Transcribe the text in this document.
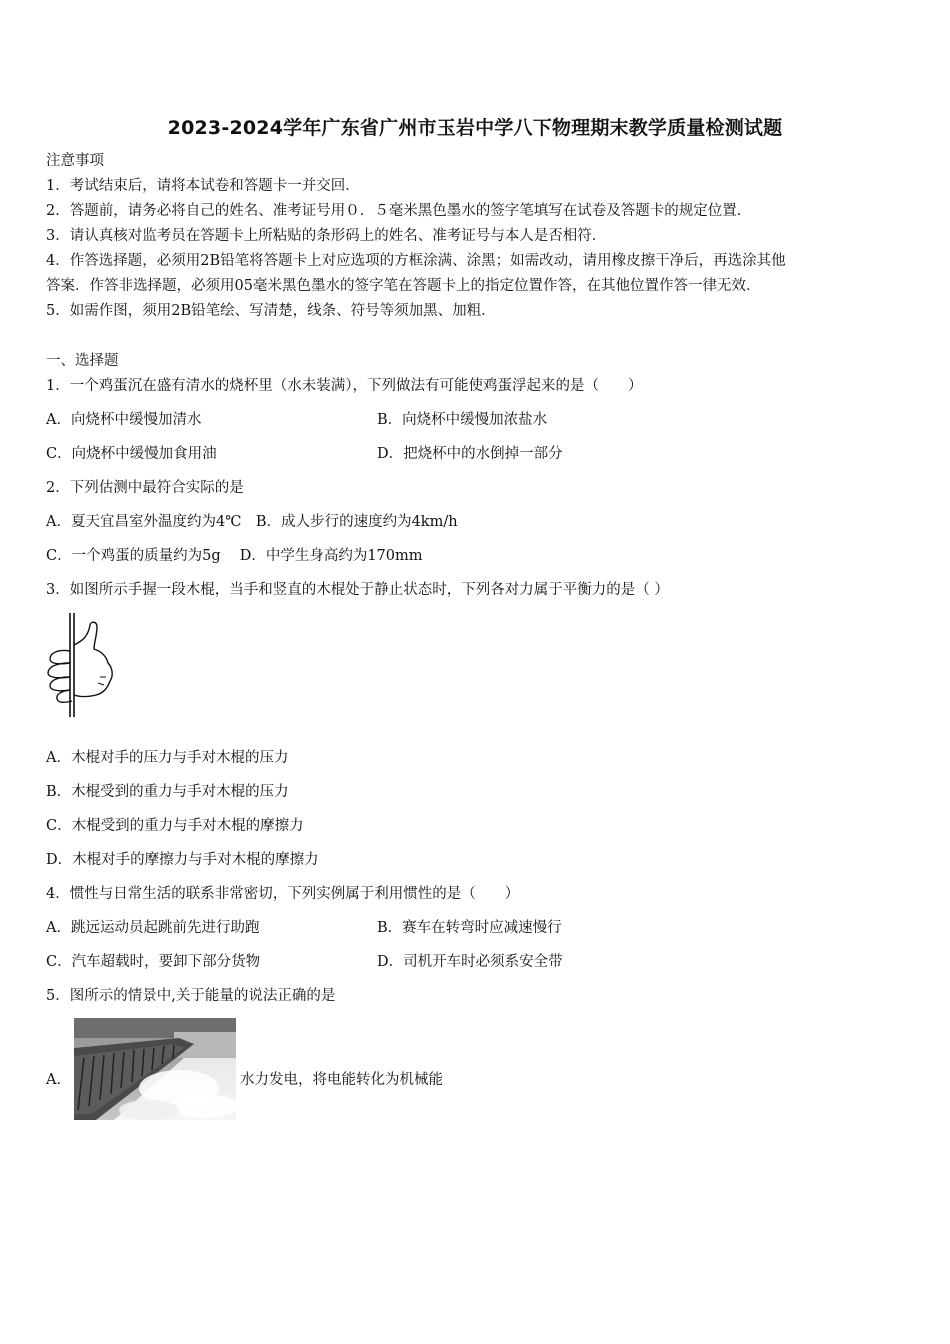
2023-2024学年广东省广州市玉岩中学八下物理期末教学质量检测试题
注意事项
1．考试结束后，请将本试卷和答题卡一并交回．
2．答题前，请务必将自己的姓名、准考证号用０．５毫米黑色墨水的签字笔填写在试卷及答题卡的规定位置．
3．请认真核对监考员在答题卡上所粘贴的条形码上的姓名、准考证号与本人是否相符．
4．作答选择题，必须用2B铅笔将答题卡上对应选项的方框涂满、涂黑；如需改动，请用橡皮擦干净后，再选涂其他
答案．作答非选择题，必须用05毫米黑色墨水的签字笔在答题卡上的指定位置作答，在其他位置作答一律无效．
5．如需作图，须用2B铅笔绘、写清楚，线条、符号等须加黑、加粗．
一、选择题
1．一个鸡蛋沉在盛有清水的烧杯里（水未装满），下列做法有可能使鸡蛋浮起来的是（　　）
A．向烧杯中缓慢加清水	B．向烧杯中缓慢加浓盐水
C．向烧杯中缓慢加食用油	D．把烧杯中的水倒掉一部分
2．下列估测中最符合实际的是
A．夏天宜昌室外温度约为4℃　B．成人步行的速度约为4km/h
C．一个鸡蛋的质量约为5g　 D．中学生身高约为170mm
3．如图所示手握一段木棍，当手和竖直的木棍处于静止状态时，下列各对力属于平衡力的是（ ）
A．木棍对手的压力与手对木棍的压力
B．木棍受到的重力与手对木棍的压力
C．木棍受到的重力与手对木棍的摩擦力
D．木棍对手的摩擦力与手对木棍的摩擦力
4．惯性与日常生活的联系非常密切，下列实例属于利用惯性的是（　　）
A．跳远运动员起跳前先进行助跑	B．赛车在转弯时应减速慢行
C．汽车超载时，要卸下部分货物	D．司机开车时必须系安全带
5．图所示的情景中,关于能量的说法正确的是
A．	水力发电，将电能转化为机械能
